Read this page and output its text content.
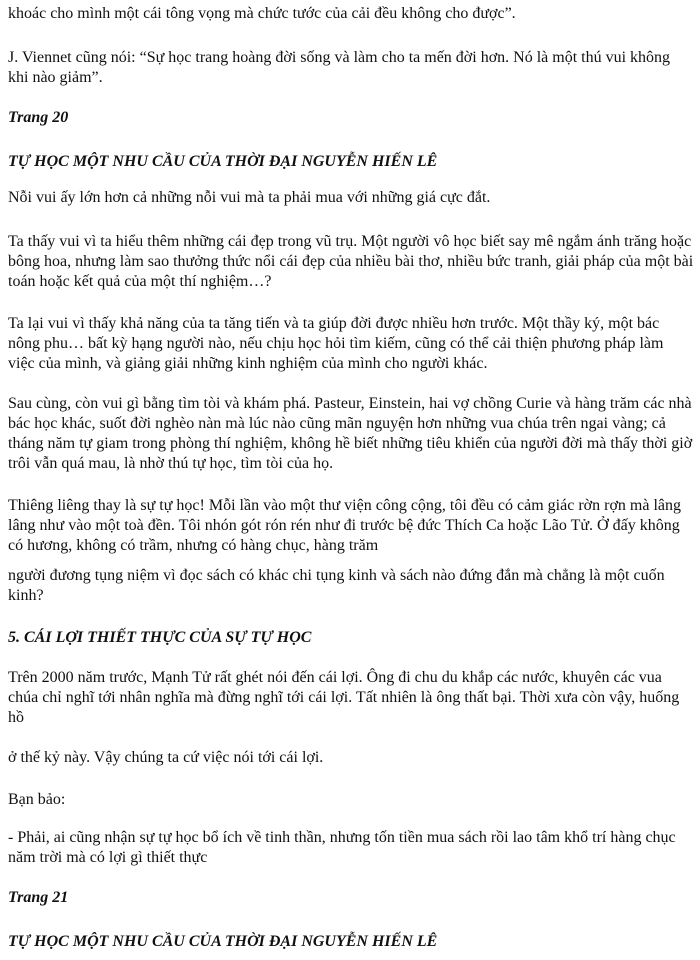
khoác cho mình một cái tông vọng mà chức tước của cải đều không cho được”.

J. Viennet cũng nói: “Sự học trang hoàng đời sống và làm cho ta mến đời hơn. Nó là một thú vui không khi nào giảm”.

Trang 20

TỰ HỌC MỘT NHU CẦU CỦA THỜI ĐẠI NGUYỄN HIẾN LÊ

Nỗi vui ấy lớn hơn cả những nỗi vui mà ta phải mua với những giá cực đắt.

Ta thấy vui vì ta hiểu thêm những cái đẹp trong vũ trụ. Một người vô học biết say mê ngắm ánh trăng hoặc bông hoa, nhưng làm sao thưởng thức nổi cái đẹp của nhiều bài thơ, nhiều bức tranh, giải pháp của một bài toán hoặc kết quả của một thí nghiệm…?

Ta lại vui vì thấy khả năng của ta tăng tiến và ta giúp đời được nhiều hơn trước. Một thầy ký, một bác nông phu… bất kỳ hạng người nào, nếu chịu học hỏi tìm kiếm, cũng có thể cải thiện phương pháp làm việc của mình, và giảng giải những kinh nghiệm của mình cho người khác.

Sau cùng, còn vui gì bằng tìm tòi và khám phá. Pasteur, Einstein, hai vợ chồng Curie và hàng trăm các nhà bác học khác, suốt đời nghèo nàn mà lúc nào cũng mãn nguyện hơn những vua chúa trên ngai vàng; cả tháng năm tự giam trong phòng thí nghiệm, không hề biết những tiêu khiển của người đời mà thấy thời giờ trôi vẫn quá mau, là nhờ thú tự học, tìm tòi của họ.

Thiêng liêng thay là sự tự học! Mỗi lần vào một thư viện công cộng, tôi đều có cảm giác rờn rợn mà lâng lâng như vào một toà đền. Tôi nhón gót rón rén như đi trước bệ đức Thích Ca hoặc Lão Tử. Ở đấy không có hương, không có trầm, nhưng có hàng chục, hàng trăm

người đương tụng niệm vì đọc sách có khác chi tụng kinh và sách nào đứng đắn mà chẳng là một cuốn kinh?

5. CÁI LỢI THIẾT THỰC CỦA SỰ TỰ HỌC

Trên 2000 năm trước, Mạnh Tử rất ghét nói đến cái lợi. Ông đi chu du khắp các nước, khuyên các vua chúa chỉ nghĩ tới nhân nghĩa mà đừng nghĩ tới cái lợi. Tất nhiên là ông thất bại. Thời xưa còn vậy, huống hồ

ở thế kỷ này. Vậy chúng ta cứ việc nói tới cái lợi.

Bạn bảo:

- Phải, ai cũng nhận sự tự học bổ ích về tinh thần, nhưng tốn tiền mua sách rồi lao tâm khổ trí hàng chục năm trời mà có lợi gì thiết thực

Trang 21

TỰ HỌC MỘT NHU CẦU CỦA THỜI ĐẠI NGUYỄN HIẾN LÊ
